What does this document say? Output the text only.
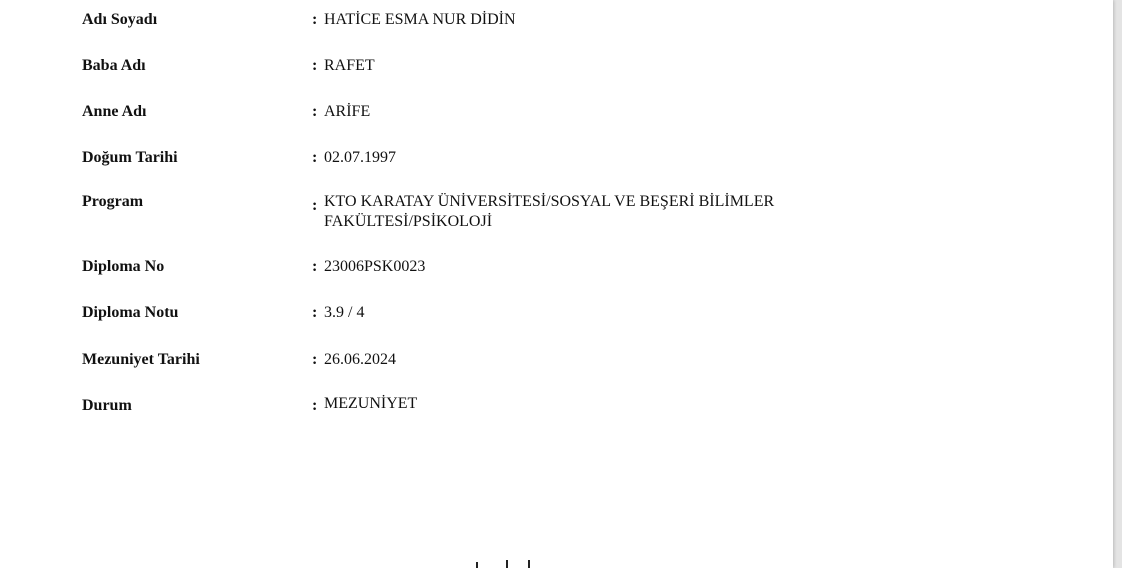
Adı Soyadı	: HATİCE ESMA NUR DİDİN
Baba Adı	: RAFET
Anne Adı	: ARİFE
Doğum Tarihi	: 02.07.1997
Program	: KTO KARATAY ÜNİVERSİTESİ/SOSYAL VE BEŞERİ BİLİMLER
FAKÜLTESİ/PSİKOLOJİ
Diploma No	: 23006PSK0023
Diploma Notu	: 3.9 / 4
Mezuniyet Tarihi	: 26.06.2024
Durum	: MEZUNİYET
